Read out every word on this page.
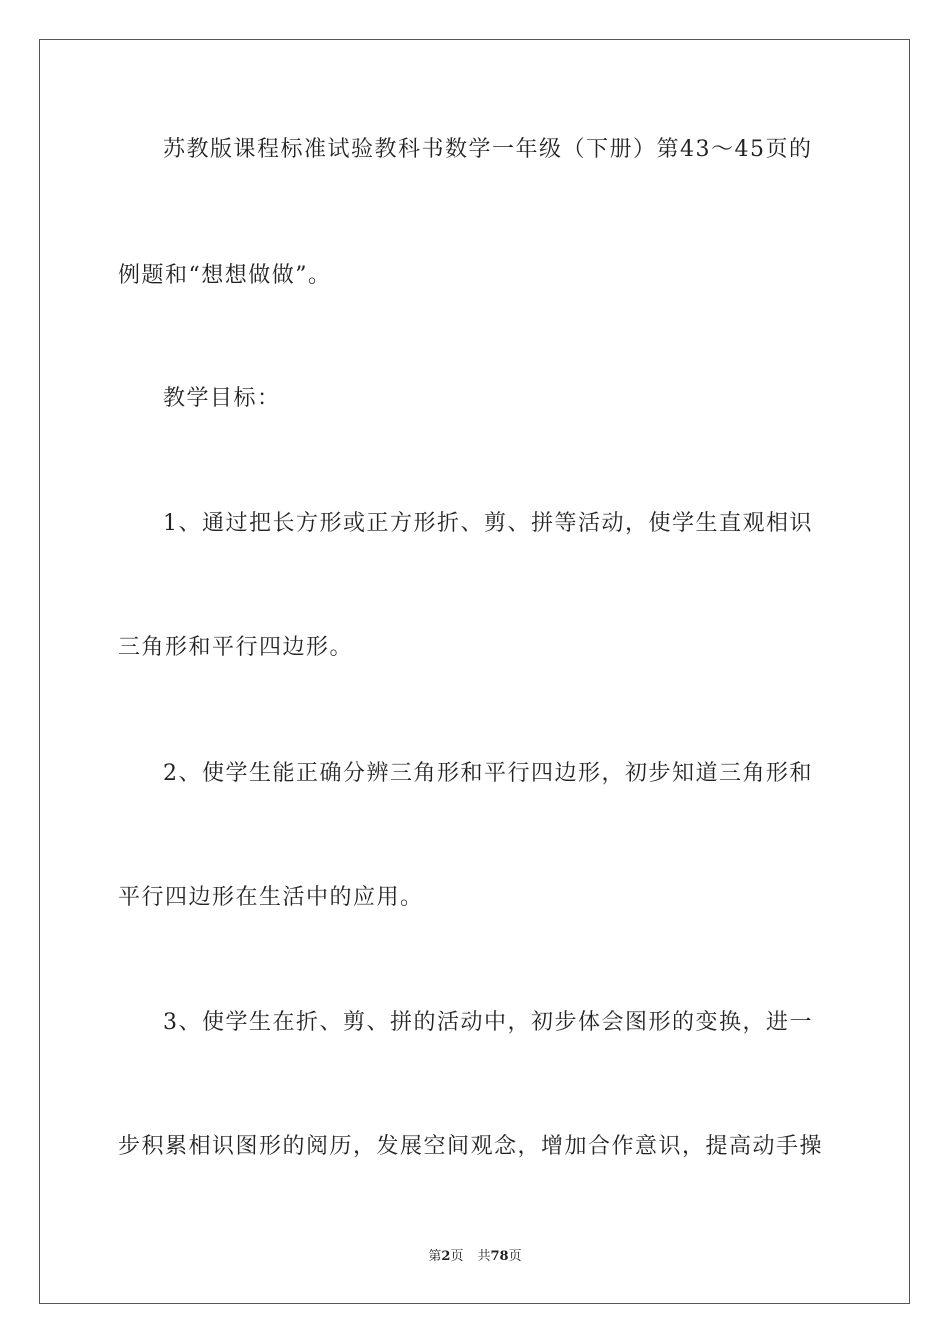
苏教版课程标准试验教科书数学一年级（下册）第43～45页的
例题和“想想做做”。
教学目标：
1、通过把长方形或正方形折、剪、拼等活动，使学生直观相识
三角形和平行四边形。
2、使学生能正确分辨三角形和平行四边形，初步知道三角形和
平行四边形在生活中的应用。
3、使学生在折、剪、拼的活动中，初步体会图形的变换，进一
步积累相识图形的阅历，发展空间观念，增加合作意识，提高动手操
第2页 共78页
